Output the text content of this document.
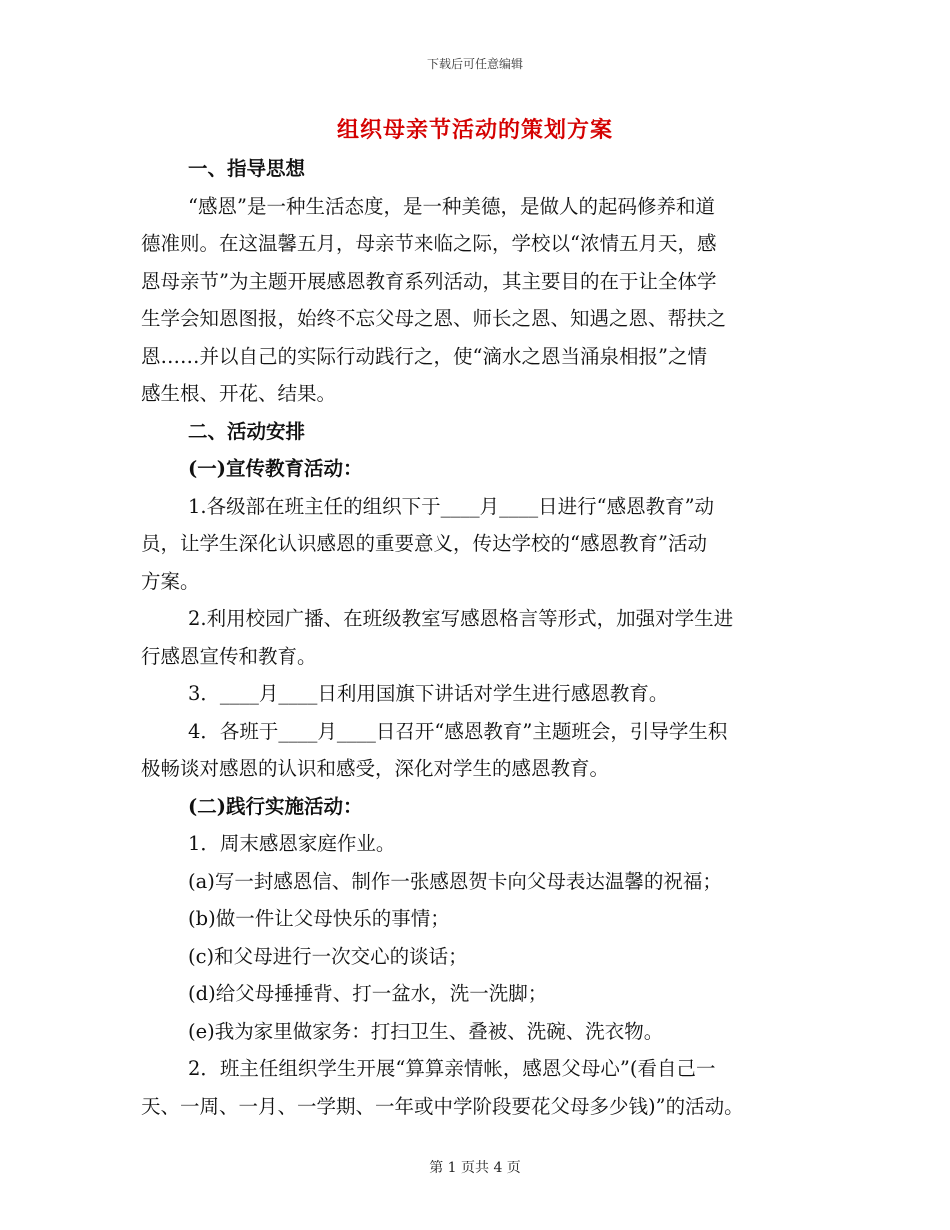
下载后可任意编辑
组织母亲节活动的策划方案

一、指导思想

“感恩”是一种生活态度，是一种美德，是做人的起码修养和道

德准则。在这温馨五月，母亲节来临之际，学校以“浓情五月天，感

恩母亲节”为主题开展感恩教育系列活动，其主要目的在于让全体学

生学会知恩图报，始终不忘父母之恩、师长之恩、知遇之恩、帮扶之

恩……并以自己的实际行动践行之，使“滴水之恩当涌泉相报”之情

感生根、开花、结果。

二、活动安排

(一)宣传教育活动：

1.各级部在班主任的组织下于____月____日进行“感恩教育”动

员，让学生深化认识感恩的重要意义，传达学校的“感恩教育”活动

方案。

2.利用校园广播、在班级教室写感恩格言等形式，加强对学生进

行感恩宣传和教育。

3．____月____日利用国旗下讲话对学生进行感恩教育。

4．各班于____月____日召开“感恩教育”主题班会，引导学生积

极畅谈对感恩的认识和感受，深化对学生的感恩教育。

(二)践行实施活动：

1．周末感恩家庭作业。

(a)写一封感恩信、制作一张感恩贺卡向父母表达温馨的祝福；

(b)做一件让父母快乐的事情；

(c)和父母进行一次交心的谈话；

(d)给父母捶捶背、打一盆水，洗一洗脚；

(e)我为家里做家务：打扫卫生、叠被、洗碗、洗衣物。

2．班主任组织学生开展“算算亲情帐，感恩父母心”(看自己一

天、一周、一月、一学期、一年或中学阶段要花父母多少钱)”的活动。

第 1 页共 4 页
